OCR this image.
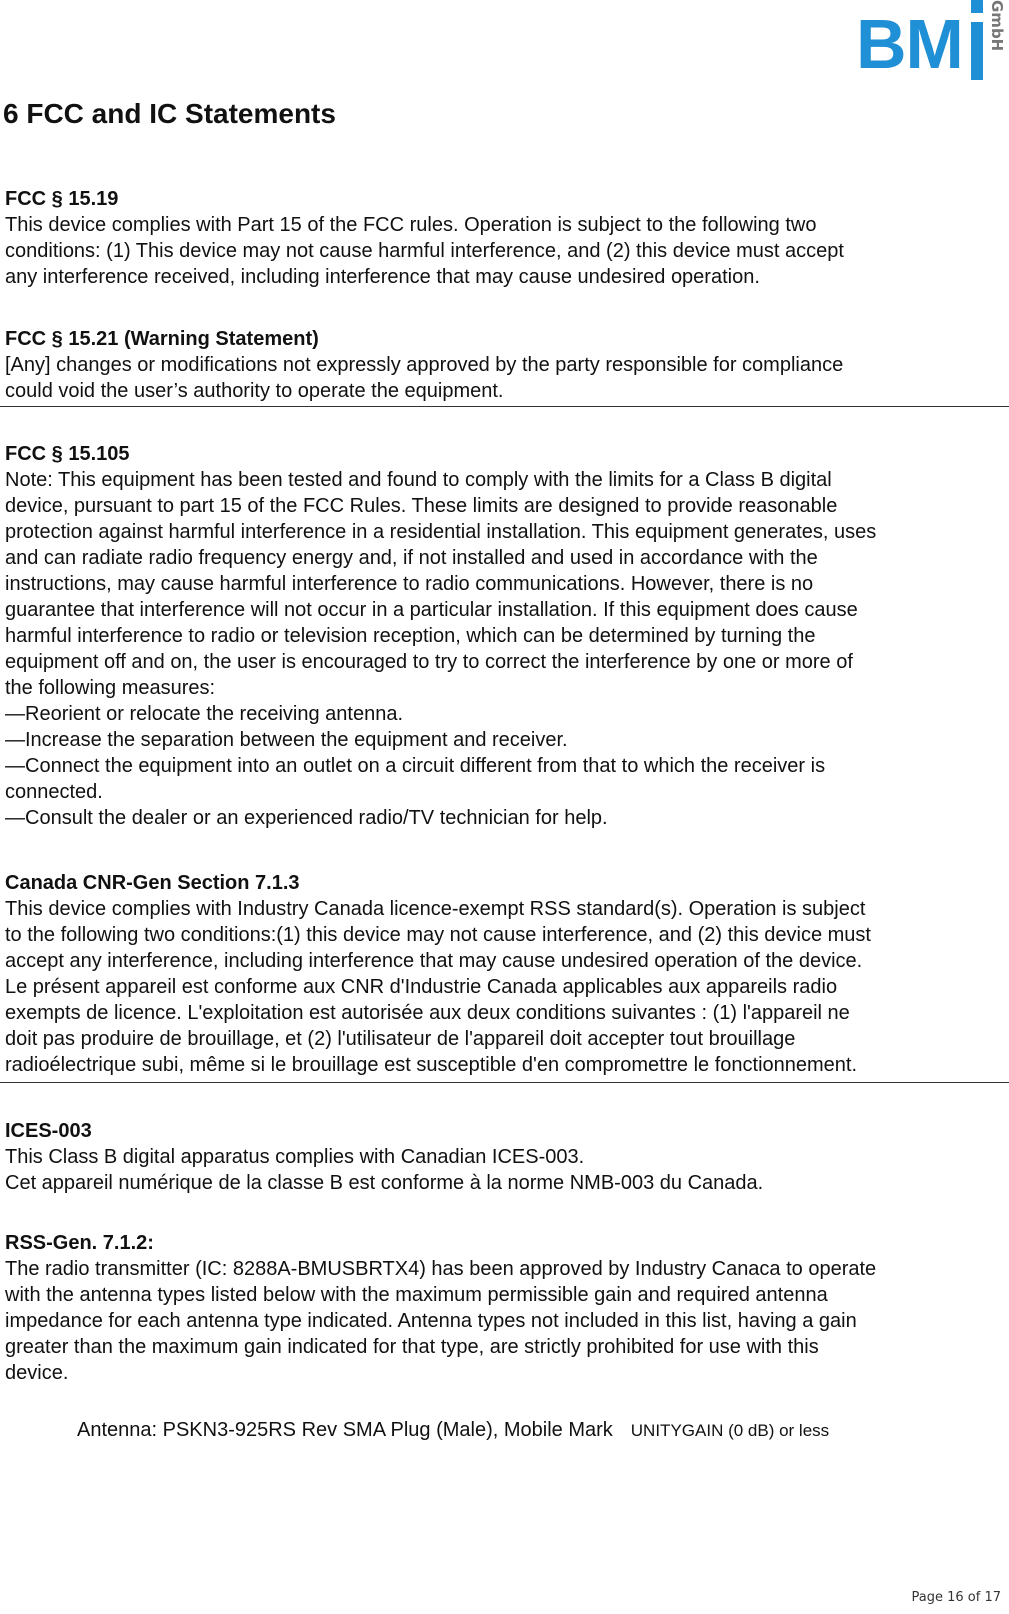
BM GmbH
6 FCC and IC Statements
FCC § 15.19

This device complies with Part 15 of the FCC rules. Operation is subject to the following two
conditions: (1) This device may not cause harmful interference, and (2) this device must accept
any interference received, including interference that may cause undesired operation.

FCC § 15.21 (Warning Statement)

[Any] changes or modifications not expressly approved by the party responsible for compliance
could void the user’s authority to operate the equipment.

FCC § 15.105

Note: This equipment has been tested and found to comply with the limits for a Class B digital
device, pursuant to part 15 of the FCC Rules. These limits are designed to provide reasonable
protection against harmful interference in a residential installation. This equipment generates, uses
and can radiate radio frequency energy and, if not installed and used in accordance with the
instructions, may cause harmful interference to radio communications. However, there is no
guarantee that interference will not occur in a particular installation. If this equipment does cause
harmful interference to radio or television reception, which can be determined by turning the
equipment off and on, the user is encouraged to try to correct the interference by one or more of
the following measures:
—Reorient or relocate the receiving antenna.
—Increase the separation between the equipment and receiver.
—Connect the equipment into an outlet on a circuit different from that to which the receiver is
connected.
—Consult the dealer or an experienced radio/TV technician for help.

Canada CNR-Gen Section 7.1.3

This device complies with Industry Canada licence-exempt RSS standard(s). Operation is subject
to the following two conditions:(1) this device may not cause interference, and (2) this device must
accept any interference, including interference that may cause undesired operation of the device.
Le présent appareil est conforme aux CNR d'Industrie Canada applicables aux appareils radio
exempts de licence. L'exploitation est autorisée aux deux conditions suivantes : (1) l'appareil ne
doit pas produire de brouillage, et (2) l'utilisateur de l'appareil doit accepter tout brouillage
radioélectrique subi, même si le brouillage est susceptible d'en compromettre le fonctionnement.

ICES-003

This Class B digital apparatus complies with Canadian ICES-003.
Cet appareil numérique de la classe B est conforme à la norme NMB-003 du Canada.

RSS-Gen. 7.1.2:

The radio transmitter (IC: 8288A-BMUSBRTX4) has been approved by Industry Canaca to operate
with the antenna types listed below with the maximum permissible gain and required antenna
impedance for each antenna type indicated. Antenna types not included in this list, having a gain
greater than the maximum gain indicated for that type, are strictly prohibited for use with this
device.

Antenna: PSKN3-925RS Rev SMA Plug (Male), Mobile Mark UNITYGAIN (0 dB) or less
Page 16 of 17
